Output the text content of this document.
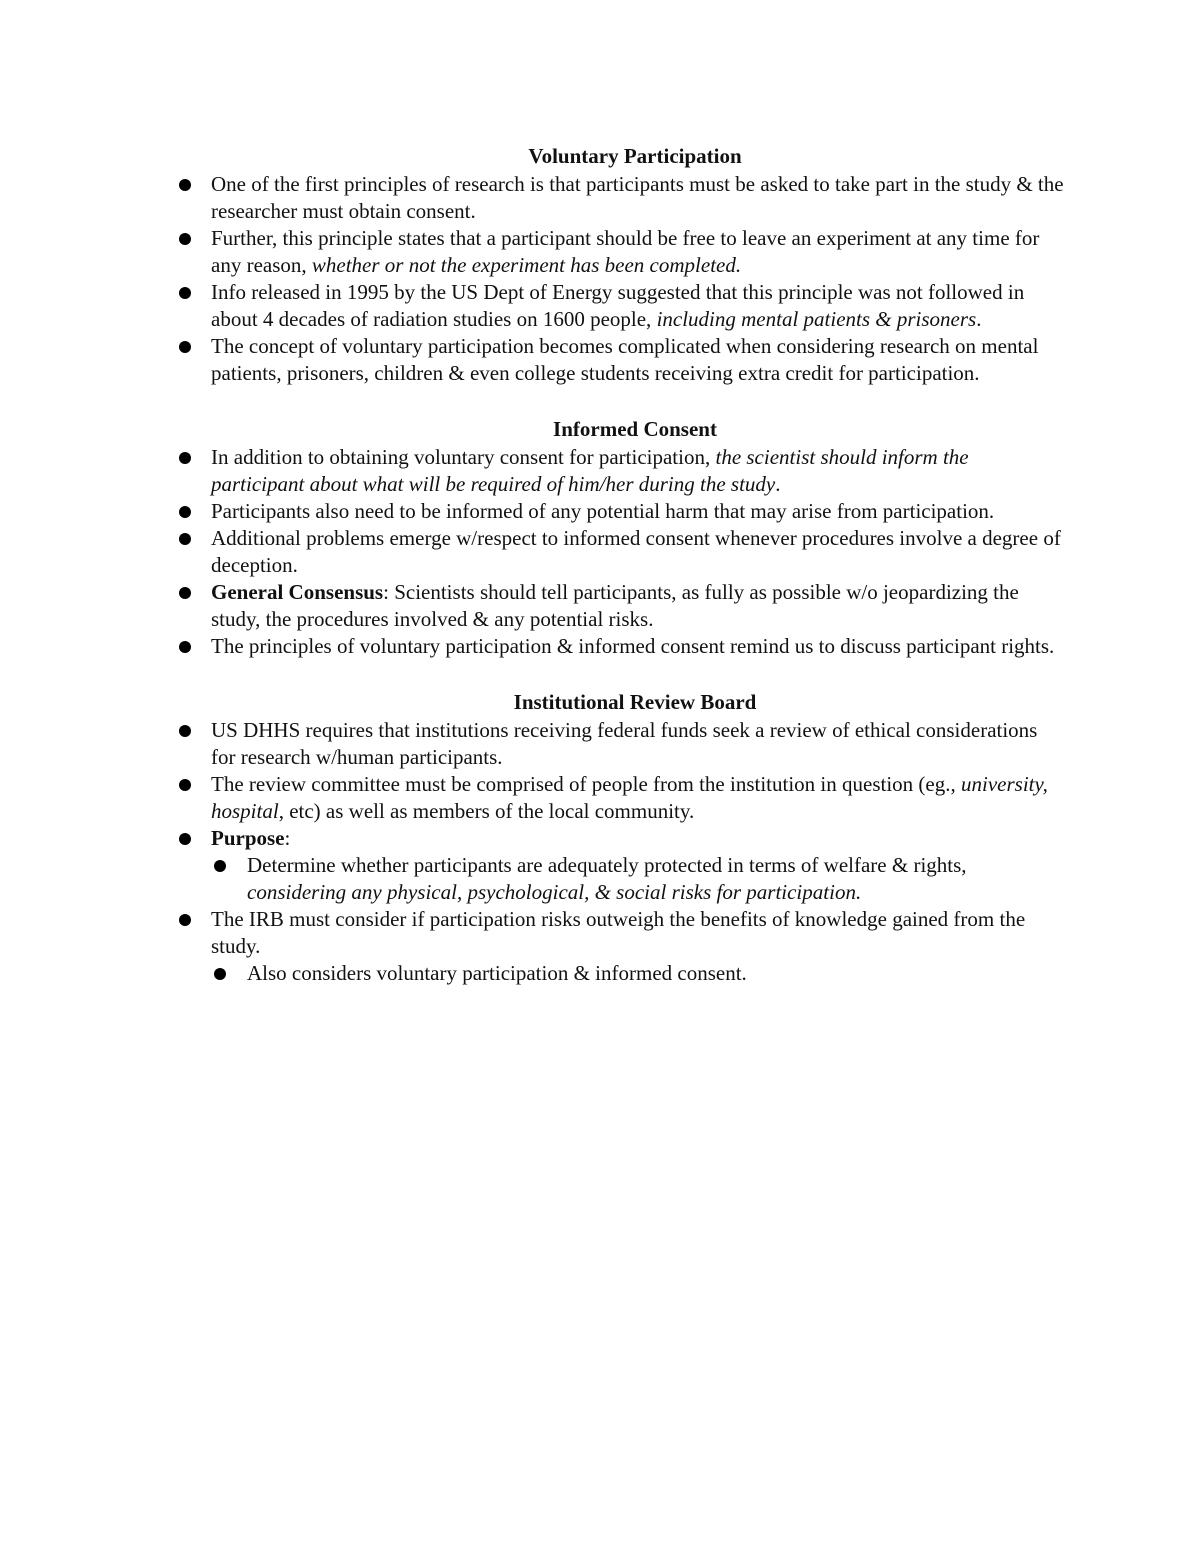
Voluntary Participation

One of the first principles of research is that participants must be asked to take part in the study & the researcher must obtain consent.
Further, this principle states that a participant should be free to leave an experiment at any time for any reason, whether or not the experiment has been completed.
Info released in 1995 by the US Dept of Energy suggested that this principle was not followed in about 4 decades of radiation studies on 1600 people, including mental patients & prisoners.
The concept of voluntary participation becomes complicated when considering research on mental patients, prisoners, children & even college students receiving extra credit for participation.

Informed Consent

In addition to obtaining voluntary consent for participation, the scientist should inform the participant about what will be required of him/her during the study.
Participants also need to be informed of any potential harm that may arise from participation.
Additional problems emerge w/respect to informed consent whenever procedures involve a degree of deception.
General Consensus: Scientists should tell participants, as fully as possible w/o jeopardizing the study, the procedures involved & any potential risks.
The principles of voluntary participation & informed consent remind us to discuss participant rights.

Institutional Review Board

US DHHS requires that institutions receiving federal funds seek a review of ethical considerations for research w/human participants.
The review committee must be comprised of people from the institution in question (eg., university, hospital, etc) as well as members of the local community.
Purpose:
Determine whether participants are adequately protected in terms of welfare & rights, considering any physical, psychological, & social risks for participation.
The IRB must consider if participation risks outweigh the benefits of knowledge gained from the study.
Also considers voluntary participation & informed consent.
